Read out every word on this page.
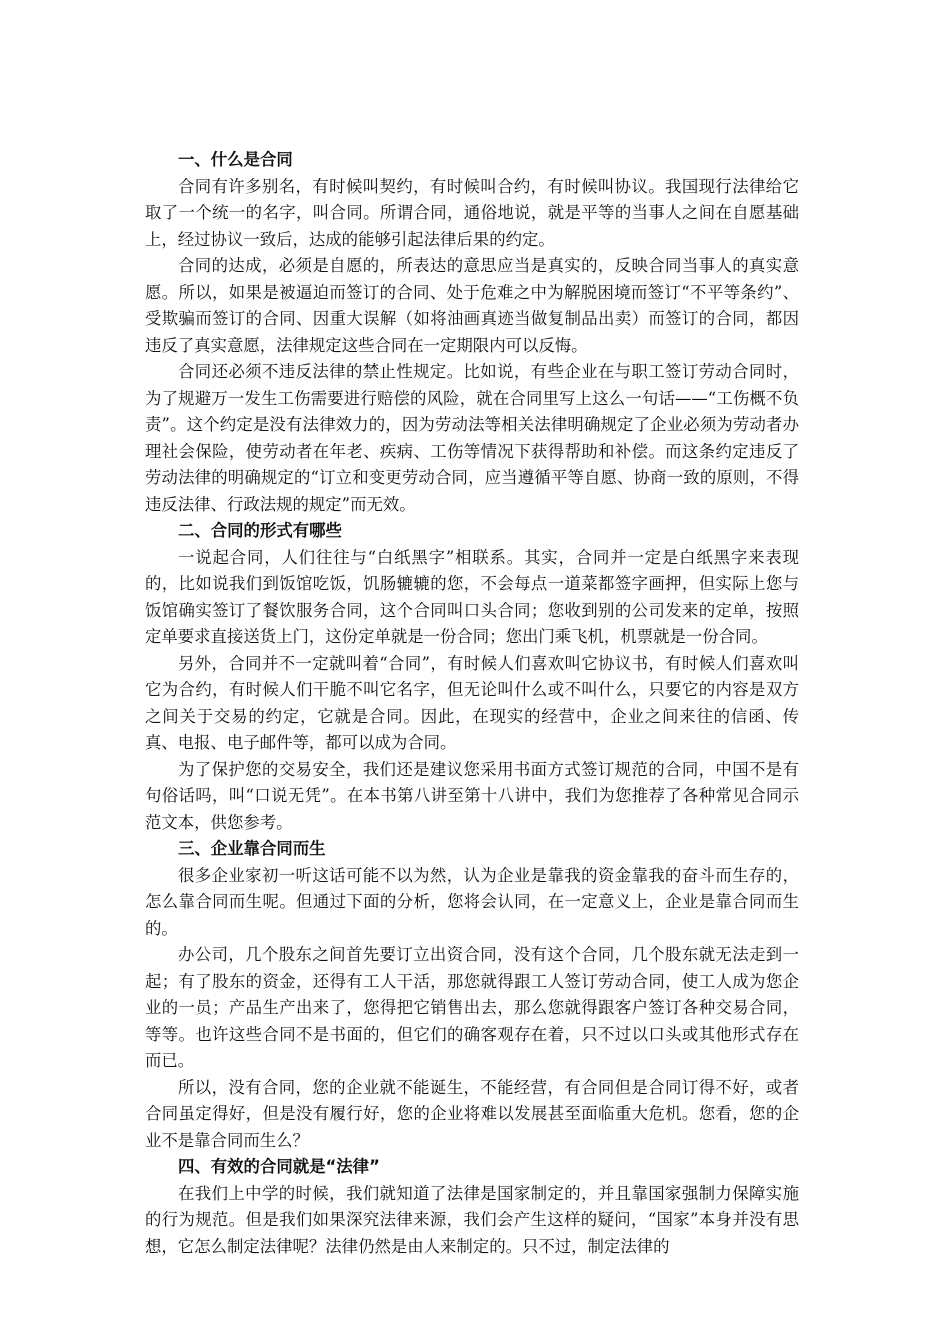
一、什么是合同

合同有许多别名，有时候叫契约，有时候叫合约，有时候叫协议。我国现行法律给它取了一个统一的名字，叫合同。所谓合同，通俗地说，就是平等的当事人之间在自愿基础上，经过协议一致后，达成的能够引起法律后果的约定。

合同的达成，必须是自愿的，所表达的意思应当是真实的，反映合同当事人的真实意愿。所以，如果是被逼迫而签订的合同、处于危难之中为解脱困境而签订“不平等条约”、受欺骗而签订的合同、因重大误解（如将油画真迹当做复制品出卖）而签订的合同，都因违反了真实意愿，法律规定这些合同在一定期限内可以反悔。

合同还必须不违反法律的禁止性规定。比如说，有些企业在与职工签订劳动合同时，为了规避万一发生工伤需要进行赔偿的风险，就在合同里写上这么一句话——“工伤概不负责”。这个约定是没有法律效力的，因为劳动法等相关法律明确规定了企业必须为劳动者办理社会保险，使劳动者在年老、疾病、工伤等情况下获得帮助和补偿。而这条约定违反了劳动法律的明确规定的“订立和变更劳动合同，应当遵循平等自愿、协商一致的原则，不得违反法律、行政法规的规定”而无效。

二、合同的形式有哪些

一说起合同，人们往往与“白纸黑字”相联系。其实，合同并一定是白纸黑字来表现的，比如说我们到饭馆吃饭，饥肠辘辘的您，不会每点一道菜都签字画押，但实际上您与饭馆确实签订了餐饮服务合同，这个合同叫口头合同；您收到别的公司发来的定单，按照定单要求直接送货上门，这份定单就是一份合同；您出门乘飞机，机票就是一份合同。

另外，合同并不一定就叫着“合同”，有时候人们喜欢叫它协议书，有时候人们喜欢叫它为合约，有时候人们干脆不叫它名字，但无论叫什么或不叫什么，只要它的内容是双方之间关于交易的约定，它就是合同。因此，在现实的经营中，企业之间来往的信函、传真、电报、电子邮件等，都可以成为合同。

为了保护您的交易安全，我们还是建议您采用书面方式签订规范的合同，中国不是有句俗话吗，叫“口说无凭”。在本书第八讲至第十八讲中，我们为您推荐了各种常见合同示范文本，供您参考。

三、企业靠合同而生

很多企业家初一听这话可能不以为然，认为企业是靠我的资金靠我的奋斗而生存的，怎么靠合同而生呢。但通过下面的分析，您将会认同，在一定意义上，企业是靠合同而生的。

办公司，几个股东之间首先要订立出资合同，没有这个合同，几个股东就无法走到一起；有了股东的资金，还得有工人干活，那您就得跟工人签订劳动合同，使工人成为您企业的一员；产品生产出来了，您得把它销售出去，那么您就得跟客户签订各种交易合同，等等。也许这些合同不是书面的，但它们的确客观存在着，只不过以口头或其他形式存在而已。

所以，没有合同，您的企业就不能诞生，不能经营，有合同但是合同订得不好，或者合同虽定得好，但是没有履行好，您的企业将难以发展甚至面临重大危机。您看，您的企业不是靠合同而生么？

四、有效的合同就是“法律”

在我们上中学的时候，我们就知道了法律是国家制定的，并且靠国家强制力保障实施的行为规范。但是我们如果深究法律来源，我们会产生这样的疑问，“国家”本身并没有思想，它怎么制定法律呢？法律仍然是由人来制定的。只不过，制定法律的
